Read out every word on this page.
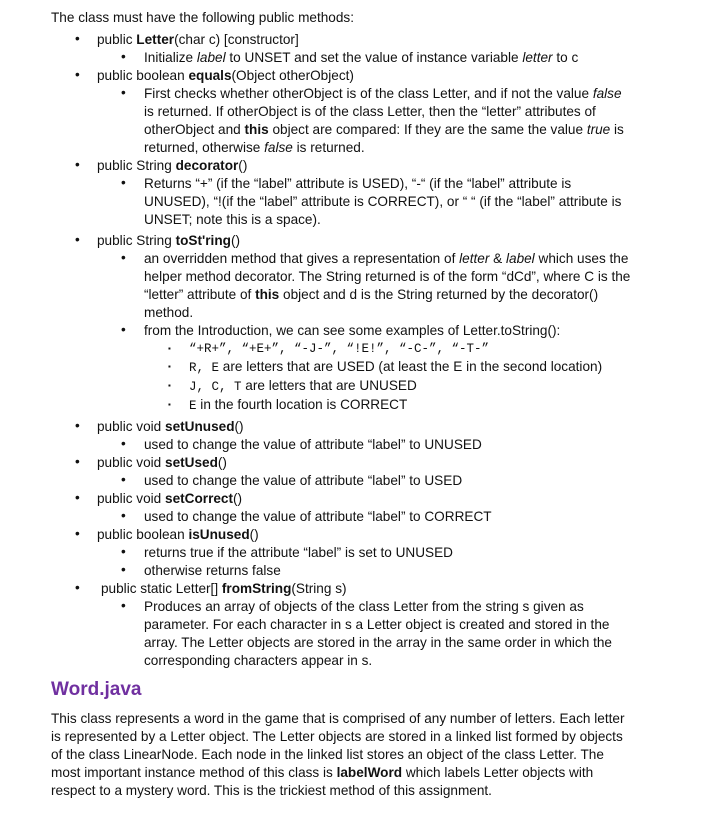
The class must have the following public methods:

• public Letter(char c) [constructor]
• Initialize label to UNSET and set the value of instance variable letter to c
• public boolean equals(Object otherObject)
• First checks whether otherObject is of the class Letter, and if not the value false
is returned. If otherObject is of the class Letter, then the “letter” attributes of
otherObject and this object are compared: If they are the same the value true is
returned, otherwise false is returned.
• public String decorator()
• Returns “+” (if the “label” attribute is USED), “-“ (if the “label” attribute is
UNUSED), “!(if the “label” attribute is CORRECT), or “ “ (if the “label” attribute is
UNSET; note this is a space).
• public String toSt'ring()
• an overridden method that gives a representation of letter & label which uses the
helper method decorator. The String returned is of the form “dCd”, where C is the
“letter” attribute of this object and d is the String returned by the decorator()
method.
• from the Introduction, we can see some examples of Letter.toString():
▪ “+R+”, “+E+”, “-J-”, “!E!”, “-C-”, “-T-”
▪ R, E are letters that are USED (at least the E in the second location)
▪ J, C, T are letters that are UNUSED
▪ E in the fourth location is CORRECT
• public void setUnused()
• used to change the value of attribute “label” to UNUSED
• public void setUsed()
• used to change the value of attribute “label” to USED
• public void setCorrect()
• used to change the value of attribute “label” to CORRECT
• public boolean isUnused()
• returns true if the attribute “label” is set to UNUSED
• otherwise returns false
• public static Letter[] fromString(String s)
• Produces an array of objects of the class Letter from the string s given as
parameter. For each character in s a Letter object is created and stored in the
array. The Letter objects are stored in the array in the same order in which the
corresponding characters appear in s.
Word.java
This class represents a word in the game that is comprised of any number of letters. Each letter
is represented by a Letter object. The Letter objects are stored in a linked list formed by objects
of the class LinearNode. Each node in the linked list stores an object of the class Letter. The
most important instance method of this class is labelWord which labels Letter objects with
respect to a mystery word. This is the trickiest method of this assignment.
